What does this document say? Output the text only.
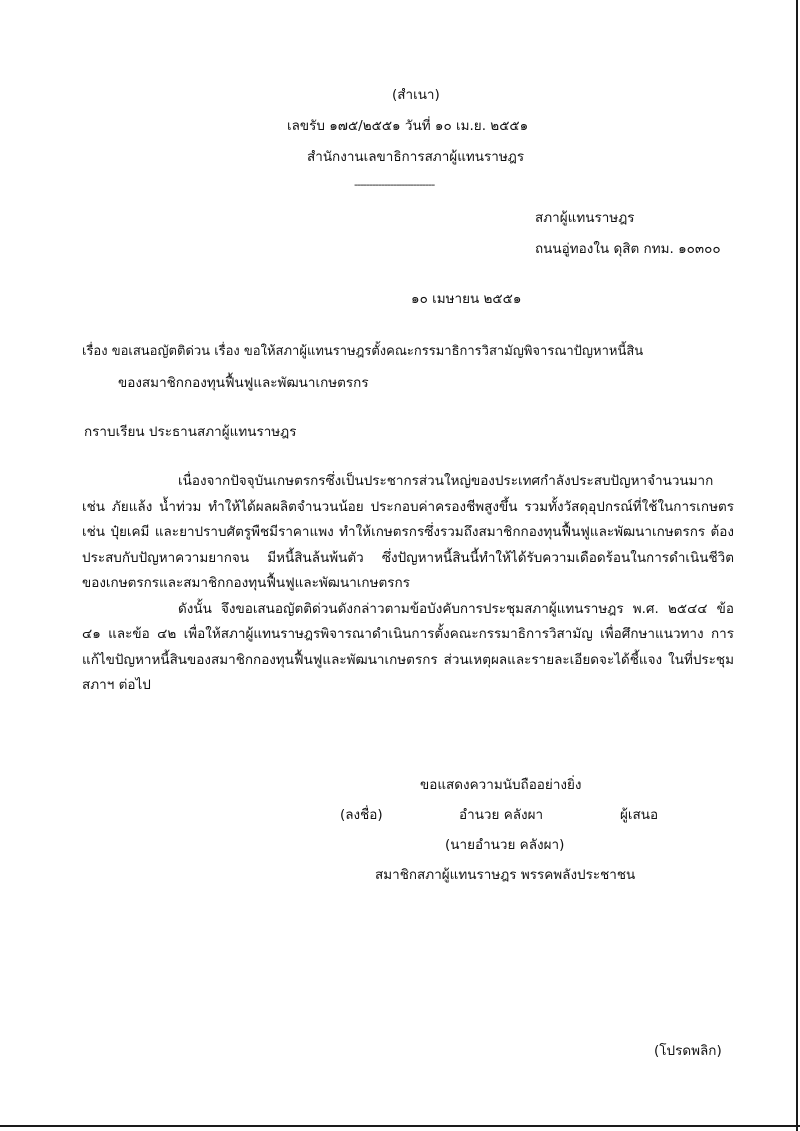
(สำเนา)
เลขรับ ๑๗๕/๒๕๕๑ วันที่ ๑๐ เม.ย. ๒๕๕๑
สำนักงานเลขาธิการสภาผู้แทนราษฎร
---------------------------
สภาผู้แทนราษฎร
ถนนอู่ทองใน ดุสิต กทม. ๑๐๓๐๐
๑๐ เมษายน ๒๕๕๑
เรื่อง ขอเสนอญัตติด่วน เรื่อง ขอให้สภาผู้แทนราษฎรตั้งคณะกรรมาธิการวิสามัญพิจารณาปัญหาหนี้สิน
ของสมาชิกกองทุนฟื้นฟูและพัฒนาเกษตรกร
กราบเรียน ประธานสภาผู้แทนราษฎร

เนื่องจากปัจจุบันเกษตรกรซึ่งเป็นประชากรส่วนใหญ่ของประเทศกำลังประสบปัญหาจำนวนมาก เช่น ภัยแล้ง น้ำท่วม ทำให้ได้ผลผลิตจำนวนน้อย ประกอบค่าครองชีพสูงขึ้น รวมทั้งวัสดุอุปกรณ์ที่ใช้ในการเกษตร เช่น ปุ๋ยเคมี และยาปราบศัตรูพืชมีราคาแพง ทำให้เกษตรกรซึ่งรวมถึงสมาชิกกองทุนฟื้นฟูและพัฒนาเกษตรกร ต้องประสบกับปัญหาความยากจน มีหนี้สินล้นพ้นตัว ซึ่งปัญหาหนี้สินนี้ทำให้ได้รับความเดือดร้อนในการดำเนินชีวิต ของเกษตรกรและสมาชิกกองทุนฟื้นฟูและพัฒนาเกษตรกร

ดังนั้น จึงขอเสนอญัตติด่วนดังกล่าวตามข้อบังคับการประชุมสภาผู้แทนราษฎร พ.ศ. ๒๕๔๔ ข้อ ๔๑ และข้อ ๔๒ เพื่อให้สภาผู้แทนราษฎรพิจารณาดำเนินการตั้งคณะกรรมาธิการวิสามัญ เพื่อศึกษาแนวทาง การแก้ไขปัญหาหนี้สินของสมาชิกกองทุนฟื้นฟูและพัฒนาเกษตรกร ส่วนเหตุผลและรายละเอียดจะได้ชี้แจง ในที่ประชุมสภาฯ ต่อไป

ขอแสดงความนับถืออย่างยิ่ง
(ลงชื่อ)	อำนวย คลังผา	ผู้เสนอ
(นายอำนวย คลังผา)
สมาชิกสภาผู้แทนราษฎร พรรคพลังประชาชน
(โปรดพลิก)
